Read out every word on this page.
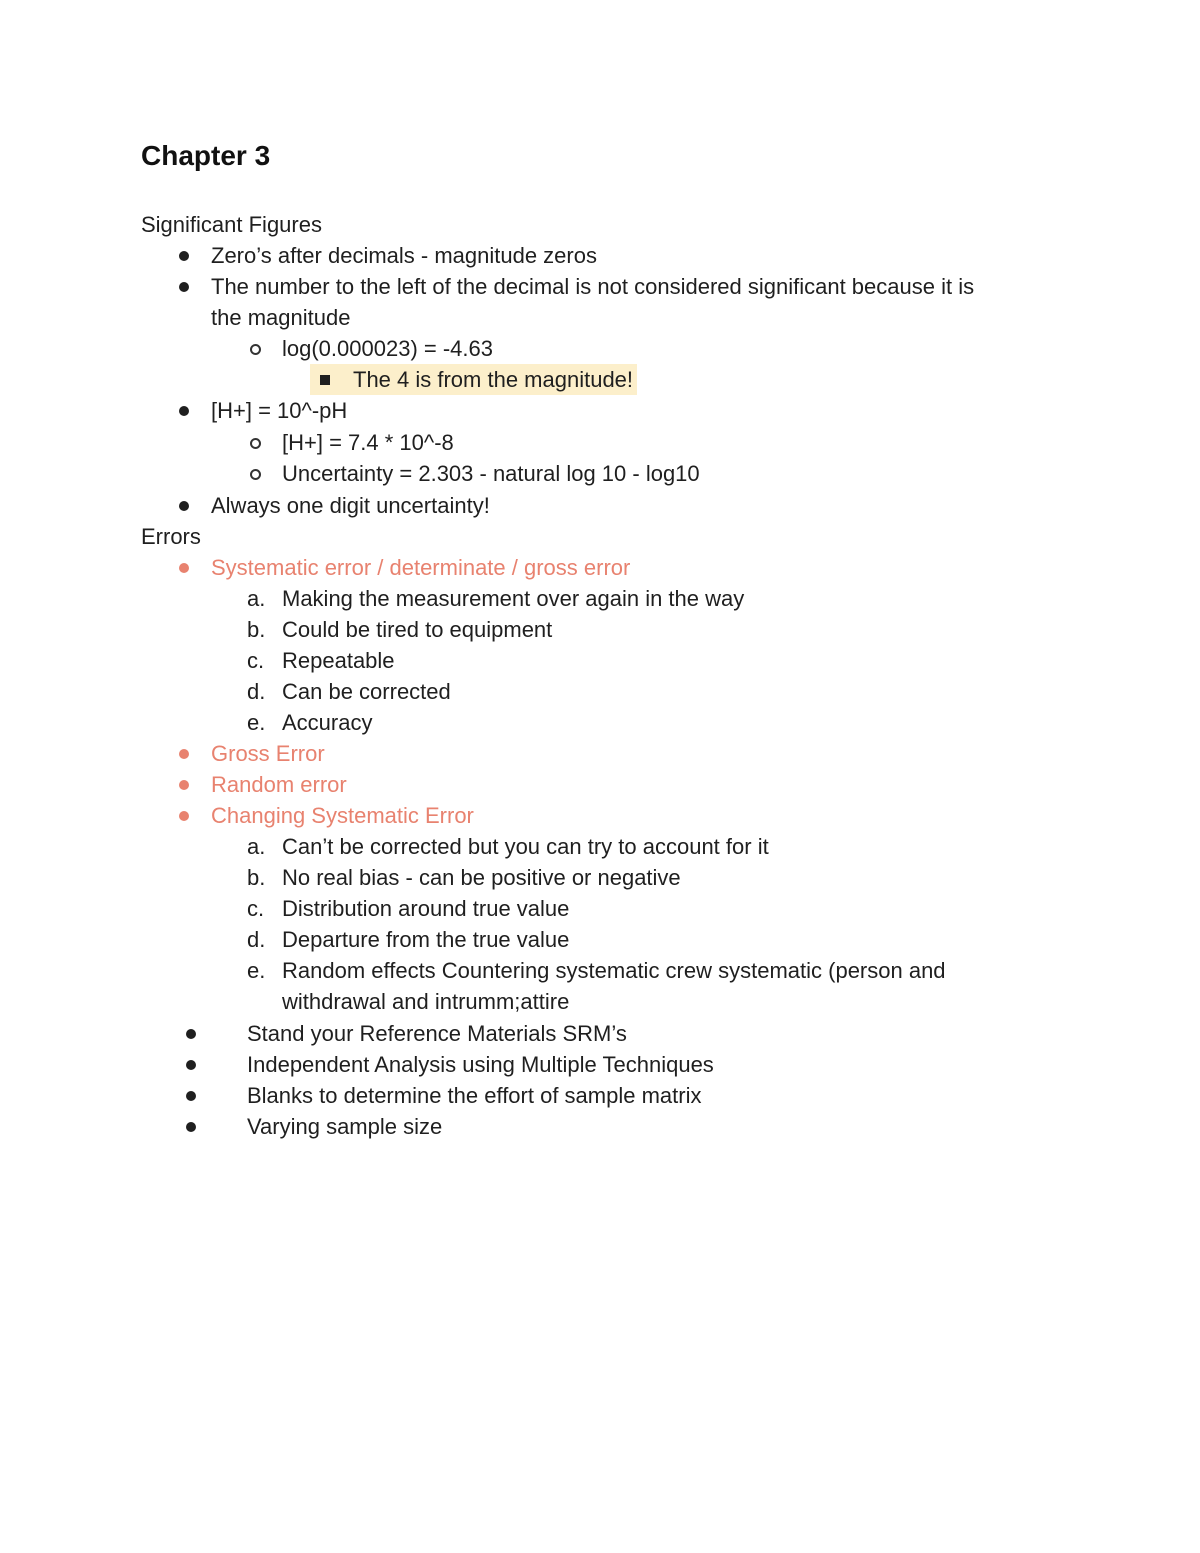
Chapter 3
Significant Figures
Zero’s after decimals - magnitude zeros
The number to the left of the decimal is not considered significant because it is
the magnitude
log(0.000023) = -4.63
The 4 is from the magnitude!
[H+] = 10^-pH
[H+] = 7.4 * 10^-8
Uncertainty = 2.303 - natural log 10 - log10
Always one digit uncertainty!
Errors
Systematic error / determinate / gross error
a. Making the measurement over again in the way
b. Could be tired to equipment
c. Repeatable
d. Can be corrected
e. Accuracy
Gross Error
Random error
Changing Systematic Error
a. Can’t be corrected but you can try to account for it
b. No real bias - can be positive or negative
c. Distribution around true value
d. Departure from the true value
e. Random effects Countering systematic crew systematic (person and
withdrawal and intrumm;attire
Stand your Reference Materials SRM’s
Independent Analysis using Multiple Techniques
Blanks to determine the effort of sample matrix
Varying sample size
